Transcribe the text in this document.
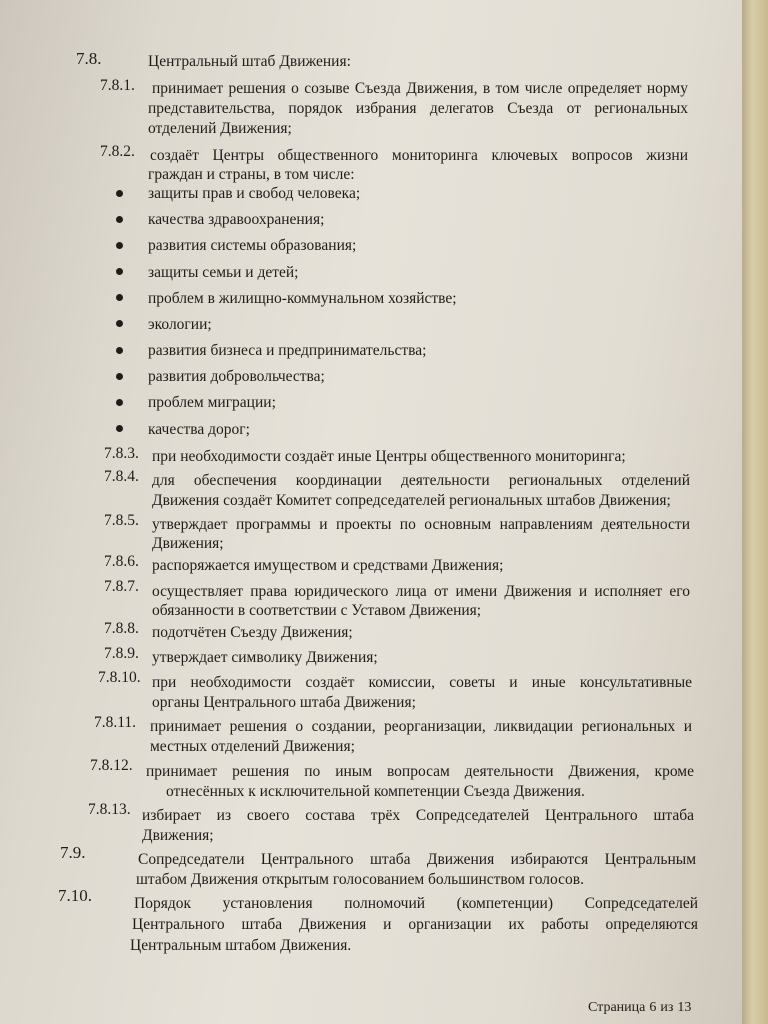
7.8.	Центральный штаб Движения:
7.8.1. принимает решения о созыве Съезда Движения, в том числе определяет норму
представительства, порядок избрания делегатов Съезда от региональных
отделений Движения;
7.8.2. создаёт Центры общественного мониторинга ключевых вопросов жизни
граждан и страны, в том числе:
защиты прав и свобод человека;
качества здравоохранения;
развития системы образования;
защиты семьи и детей;
проблем в жилищно-коммунальном хозяйстве;
экологии;
развития бизнеса и предпринимательства;
развития добровольчества;
проблем миграции;
качества дорог;
7.8.3. при необходимости создаёт иные Центры общественного мониторинга;
7.8.4. для обеспечения координации деятельности региональных отделений
Движения создаёт Комитет сопредседателей региональных штабов Движения;
7.8.5. утверждает программы и проекты по основным направлениям деятельности
Движения;
7.8.6. распоряжается имуществом и средствами Движения;
7.8.7. осуществляет права юридического лица от имени Движения и исполняет его
обязанности в соответствии с Уставом Движения;
7.8.8. подотчётен Съезду Движения;
7.8.9. утверждает символику Движения;
7.8.10. при необходимости создаёт комиссии, советы и иные консультативные
органы Центрального штаба Движения;
7.8.11. принимает решения о создании, реорганизации, ликвидации региональных и
местных отделений Движения;
7.8.12. принимает решения по иным вопросам деятельности Движения, кроме
отнесённых к исключительной компетенции Съезда Движения.
7.8.13. избирает из своего состава трёх Сопредседателей Центрального штаба
Движения;
7.9.	Сопредседатели Центрального штаба Движения избираются Центральным
штабом Движения открытым голосованием большинством голосов.
7.10.	Порядок установления полномочий (компетенции) Сопредседателей
Центрального штаба Движения и организации их работы определяются
Центральным штабом Движения.
Страница 6 из 13
